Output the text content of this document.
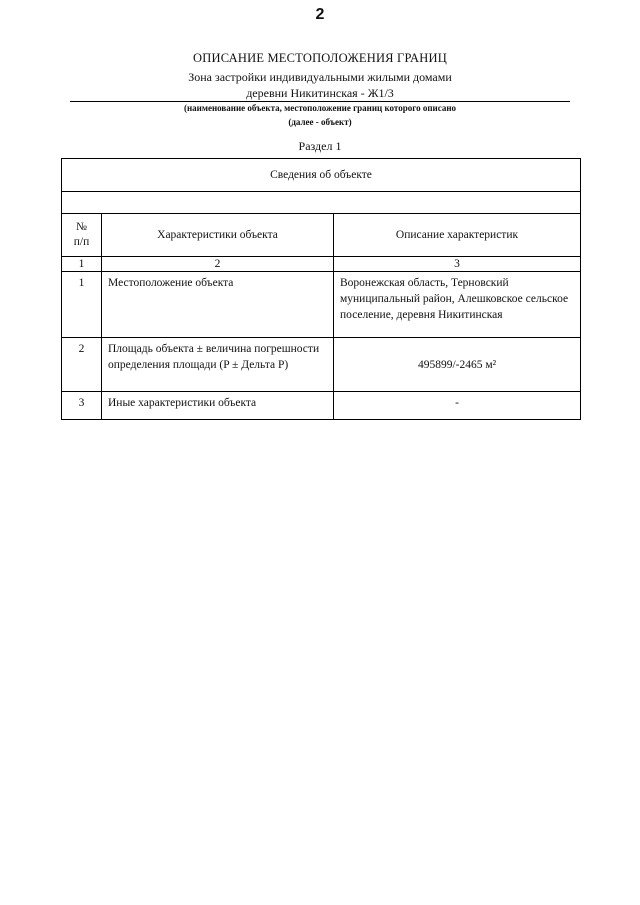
2
ОПИСАНИЕ МЕСТОПОЛОЖЕНИЯ ГРАНИЦ
Зона застройки индивидуальными жилыми домами
деревни Никитинская - Ж1/3
(наименование объекта, местоположение границ которого описано
(далее - объект)
Раздел 1
Сведения об объекте		

№ п/п	Характеристики объекта	Описание характеристик
1	2	3

1	Местоположение объекта	Воронежская область, Терновский муниципальный район, Алешковское сельское поселение, деревня Никитинская

2	Площадь объекта ± величина погрешности определения площади (P ± Дельта P)	495899/-2465 м²

3	Иные характеристики объекта	-
